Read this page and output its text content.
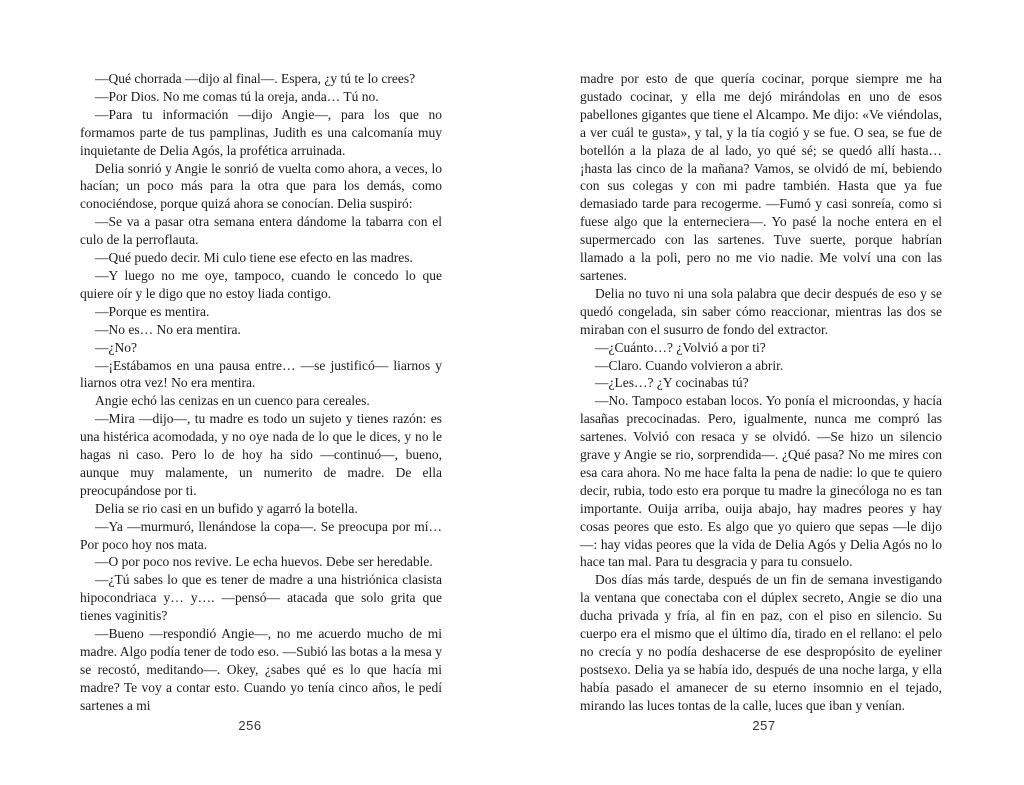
—Qué chorrada —dijo al final—. Espera, ¿y tú te lo crees?

—Por Dios. No me comas tú la oreja, anda… Tú no.

—Para tu información —dijo Angie—, para los que no formamos parte de tus pamplinas, Judith es una calcomanía muy inquietante de Delia Agós, la profética arruinada.

Delia sonrió y Angie le sonrió de vuelta como ahora, a veces, lo hacían; un poco más para la otra que para los demás, como conociéndose, porque quizá ahora se conocían. Delia suspiró:

—Se va a pasar otra semana entera dándome la tabarra con el culo de la perroflauta.

—Qué puedo decir. Mi culo tiene ese efecto en las madres.

—Y luego no me oye, tampoco, cuando le concedo lo que quiere oír y le digo que no estoy liada contigo.

—Porque es mentira.

—No es… No era mentira.

—¿No?

—¡Estábamos en una pausa entre… —se justificó— liarnos y liarnos otra vez! No era mentira.

Angie echó las cenizas en un cuenco para cereales.

—Mira —dijo—, tu madre es todo un sujeto y tienes razón: es una histérica acomodada, y no oye nada de lo que le dices, y no le hagas ni caso. Pero lo de hoy ha sido —continuó—, bueno, aunque muy malamente, un numerito de madre. De ella preocupándose por ti.

Delia se rio casi en un bufido y agarró la botella.

—Ya —murmuró, llenándose la copa—. Se preocupa por mí… Por poco hoy nos mata.

—O por poco nos revive. Le echa huevos. Debe ser heredable.

—¿Tú sabes lo que es tener de madre a una histriónica clasista hipocondriaca y… y…. —pensó— atacada que solo grita que tienes vaginitis?

—Bueno —respondió Angie—, no me acuerdo mucho de mi madre. Algo podía tener de todo eso. —Subió las botas a la mesa y se recostó, meditando—. Okey, ¿sabes qué es lo que hacía mi madre? Te voy a contar esto. Cuando yo tenía cinco años, le pedí sartenes a mi

256

madre por esto de que quería cocinar, porque siempre me ha gustado cocinar, y ella me dejó mirándolas en uno de esos pabellones gigantes que tiene el Alcampo. Me dijo: «Ve viéndolas, a ver cuál te gusta», y tal, y la tía cogió y se fue. O sea, se fue de botellón a la plaza de al lado, yo qué sé; se quedó allí hasta… ¡hasta las cinco de la mañana? Vamos, se olvidó de mí, bebiendo con sus colegas y con mi padre también. Hasta que ya fue demasiado tarde para recogerme. —Fumó y casi sonreía, como si fuese algo que la enterneciera—. Yo pasé la noche entera en el supermercado con las sartenes. Tuve suerte, porque habrían llamado a la poli, pero no me vio nadie. Me volví una con las sartenes.

Delia no tuvo ni una sola palabra que decir después de eso y se quedó congelada, sin saber cómo reaccionar, mientras las dos se miraban con el susurro de fondo del extractor.

—¿Cuánto…? ¿Volvió a por ti?

—Claro. Cuando volvieron a abrir.

—¿Les…? ¿Y cocinabas tú?

—No. Tampoco estaban locos. Yo ponía el microondas, y hacía lasañas precocinadas. Pero, igualmente, nunca me compró las sartenes. Volvió con resaca y se olvidó. —Se hizo un silencio grave y Angie se rio, sorprendida—. ¿Qué pasa? No me mires con esa cara ahora. No me hace falta la pena de nadie: lo que te quiero decir, rubia, todo esto era porque tu madre la ginecóloga no es tan importante. Ouija arriba, ouija abajo, hay madres peores y hay cosas peores que esto. Es algo que yo quiero que sepas —le dijo—: hay vidas peores que la vida de Delia Agós y Delia Agós no lo hace tan mal. Para tu desgracia y para tu consuelo.

Dos días más tarde, después de un fin de semana investigando la ventana que conectaba con el dúplex secreto, Angie se dio una ducha privada y fría, al fin en paz, con el piso en silencio. Su cuerpo era el mismo que el último día, tirado en el rellano: el pelo no crecía y no podía deshacerse de ese despropósito de eyeliner postsexo. Delia ya se había ido, después de una noche larga, y ella había pasado el amanecer de su eterno insomnio en el tejado, mirando las luces tontas de la calle, luces que iban y venían.

257
